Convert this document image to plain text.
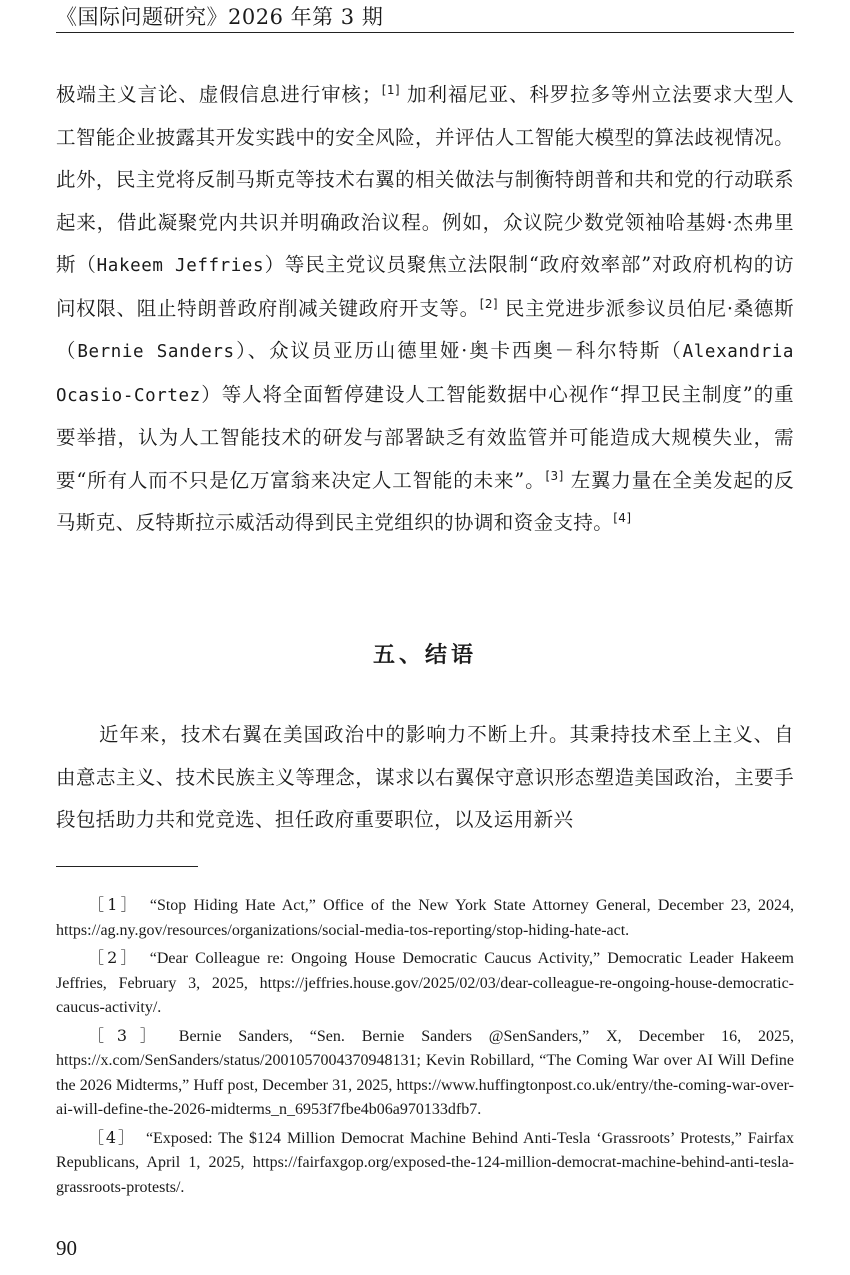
《国际问题研究》2026 年第 3 期
极端主义言论、虚假信息进行审核；[1] 加利福尼亚、科罗拉多等州立法要求大型人工智能企业披露其开发实践中的安全风险，并评估人工智能大模型的算法歧视情况。此外，民主党将反制马斯克等技术右翼的相关做法与制衡特朗普和共和党的行动联系起来，借此凝聚党内共识并明确政治议程。例如，众议院少数党领袖哈基姆·杰弗里斯（Hakeem Jeffries）等民主党议员聚焦立法限制“政府效率部”对政府机构的访问权限、阻止特朗普政府削减关键政府开支等。[2] 民主党进步派参议员伯尼·桑德斯（Bernie Sanders）、众议员亚历山德里娅·奥卡西奥－科尔特斯（Alexandria Ocasio-Cortez）等人将全面暂停建设人工智能数据中心视作“捍卫民主制度”的重要举措，认为人工智能技术的研发与部署缺乏有效监管并可能造成大规模失业，需要“所有人而不只是亿万富翁来决定人工智能的未来”。[3] 左翼力量在全美发起的反马斯克、反特斯拉示威活动得到民主党组织的协调和资金支持。[4]
五、结语
近年来，技术右翼在美国政治中的影响力不断上升。其秉持技术至上主义、自由意志主义、技术民族主义等理念，谋求以右翼保守意识形态塑造美国政治，主要手段包括助力共和党竞选、担任政府重要职位，以及运用新兴

［1］ “Stop Hiding Hate Act,” Office of the New York State Attorney General, December 23, 2024, https://ag.ny.gov/resources/organizations/social-media-tos-reporting/stop-hiding-hate-act.

［2］ “Dear Colleague re: Ongoing House Democratic Caucus Activity,” Democratic Leader Hakeem Jeffries, February 3, 2025, https://jeffries.house.gov/2025/02/03/dear-colleague-re-ongoing-house-democratic-caucus-activity/.

［3］ Bernie Sanders, “Sen. Bernie Sanders @SenSanders,” X, December 16, 2025, https://x.com/SenSanders/status/2001057004370948131; Kevin Robillard, “The Coming War over AI Will Define the 2026 Midterms,” Huff post, December 31, 2025, https://www.huffingtonpost.co.uk/entry/the-coming-war-over-ai-will-define-the-2026-midterms_n_6953f7fbe4b06a970133dfb7.

［4］ “Exposed: The $124 Million Democrat Machine Behind Anti-Tesla ‘Grassroots’ Protests,” Fairfax Republicans, April 1, 2025, https://fairfaxgop.org/exposed-the-124-million-democrat-machine-behind-anti-tesla-grassroots-protests/.

90
